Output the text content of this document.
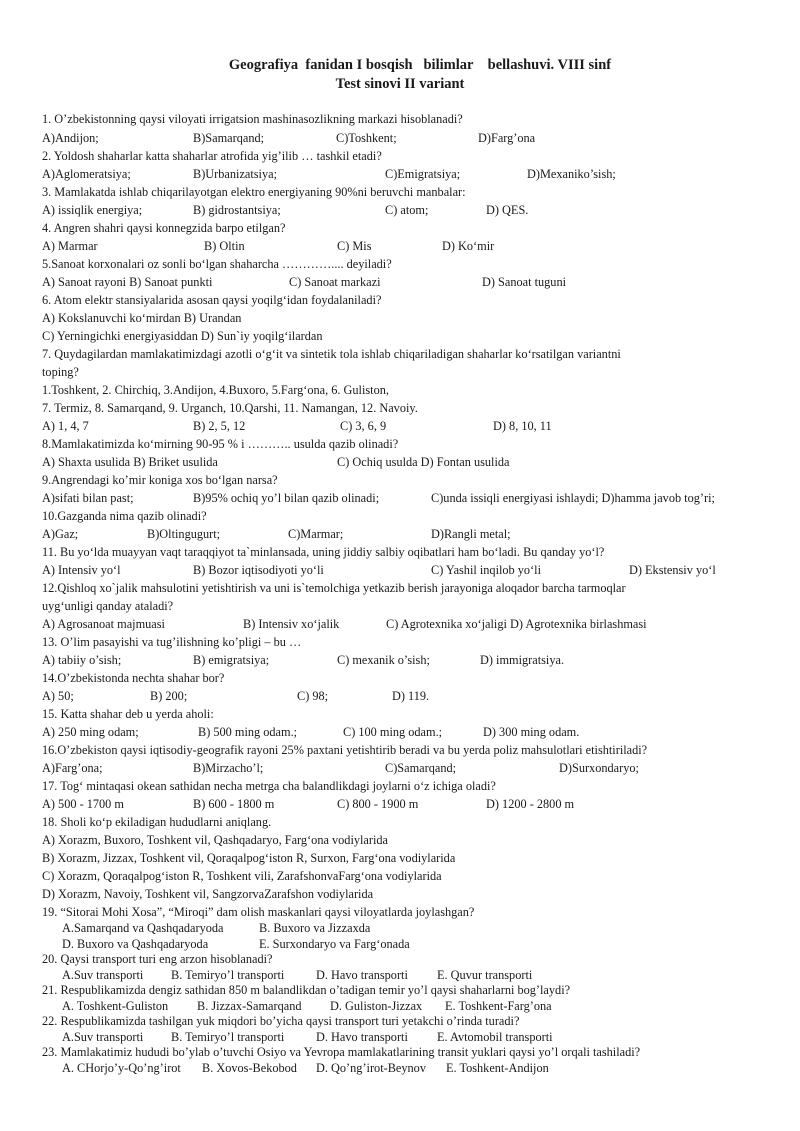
Geografiya  fanidan I bosqish   bilimlar    bellashuvi. VIII sinf
Test sinovi II variant
1. O’zbekistonning qaysi viloyati irrigatsion mashinasozlikning markazi hisoblanadi?
A)Andijon;	B)Samarqand;	C)Toshkent;	D)Farg’ona
2. Yoldosh shaharlar katta shaharlar atrofida yig’ilib … tashkil etadi?
A)Aglomeratsiya;	B)Urbanizatsiya;	C)Emigratsiya;	D)Mexaniko’sish;
3. Mamlakatda ishlab chiqarilayotgan elektro energiyaning 90%ni beruvchi manbalar:
A) issiqlik energiya;	B) gidrostantsiya;	C) atom;	D) QES.
4. Angren shahri qaysi konnegzida barpo etilgan?
A) Marmar	B) Oltin	C) Mis	D) Ko‘mir
5.Sanoat korxonalari oz sonli bo‘lgan shaharcha ………….... deyiladi?
A) Sanoat rayoni B) Sanoat punkti	C) Sanoat markazi	D) Sanoat tuguni
6. Atom elektr stansiyalarida asosan qaysi yoqilg‘idan foydalaniladi?
A) Kokslanuvchi ko‘mirdan B) Urandan
C) Yerningichki energiyasiddan D) Sun`iy yoqilg‘ilardan
7. Quydagilardan mamlakatimizdagi azotli o‘g‘it va sintetik tola ishlab chiqariladigan shaharlar ko‘rsatilgan variantni
toping?
1.Toshkent, 2. Chirchiq, 3.Andijon, 4.Buxoro, 5.Farg‘ona, 6. Guliston,
7. Termiz, 8. Samarqand, 9. Urganch, 10.Qarshi, 11. Namangan, 12. Navoiy.
A) 1, 4, 7	B) 2, 5, 12	C) 3, 6, 9	D) 8, 10, 11
8.Mamlakatimizda ko‘mirning 90-95 % i ……….. usulda qazib olinadi?
A) Shaxta usulida B) Briket usulida	C) Ochiq usulda D) Fontan usulida
9.Angrendagi ko’mir koniga xos bo‘lgan narsa?
A)sifati bilan past;	B)95% ochiq yo’l bilan qazib olinadi;	C)unda issiqli energiyasi ishlaydi; D)hamma javob tog’ri;
10.Gazganda nima qazib olinadi?
A)Gaz;	B)Oltingugurt;	C)Marmar;	D)Rangli metal;
11. Bu yo‘lda muayyan vaqt taraqqiyot ta`minlansada, uning jiddiy salbiy oqibatlari ham bo‘ladi. Bu qanday yo‘l?
A) Intensiv yo‘l	B) Bozor iqtisodiyoti yo‘li	C) Yashil inqilob yo‘li	D) Ekstensiv yo‘l
12.Qishloq xo`jalik mahsulotini yetishtirish va uni is`temolchiga yetkazib berish jarayoniga aloqador barcha tarmoqlar
uyg‘unligi qanday ataladi?
A) Agrosanoat majmuasi	B) Intensiv xo‘jalik	C) Agrotexnika xo‘jaligi D) Agrotexnika birlashmasi
13. O’lim pasayishi va tug’ilishning ko’pligi – bu …
A) tabiiy o’sish;	B) emigratsiya;	C) mexanik o’sish;	D) immigratsiya.
14.O’zbekistonda nechta shahar bor?
A) 50;	B) 200;	C) 98;	D) 119.
15. Katta shahar deb u yerda aholi:
A) 250 ming odam;	B) 500 ming odam.;	C) 100 ming odam.;	D) 300 ming odam.
16.O’zbekiston qaysi iqtisodiy-geografik rayoni 25% paxtani yetishtirib beradi va bu yerda poliz mahsulotlari etishtiriladi?
A)Farg’ona;	B)Mirzacho’l;	C)Samarqand;	D)Surxondaryo;
17. Tog‘ mintaqasi okean sathidan necha metrga cha balandlikdagi joylarni o‘z ichiga oladi?
A) 500 - 1700 m	B) 600 - 1800 m	C) 800 - 1900 m	D) 1200 - 2800 m
18. Sholi ko‘p ekiladigan hududlarni aniqlang.
A) Xorazm, Buxoro, Toshkent vil, Qashqadaryo, Farg‘ona vodiylarida
B) Xorazm, Jizzax, Toshkent vil, Qoraqalpog‘iston R, Surxon, Farg‘ona vodiylarida
C) Xorazm, Qoraqalpog‘iston R, Toshkent vili, ZarafshonvaFarg‘ona vodiylarida
D) Xorazm, Navoiy, Toshkent vil, SangzorvaZarafshon vodiylarida
19. “Sitorai Mohi Xosa”, “Miroqi” dam olish maskanlari qaysi viloyatlarda joylashgan?
A.Samarqand va Qashqadaryoda	B. Buxoro va Jizzaxda
D. Buxoro va Qashqadaryoda	E. Surxondaryo va Farg‘onada
20. Qaysi transport turi eng arzon hisoblanadi?
A.Suv transporti B. Temiryo’l transporti	D. Havo transporti E. Quvur transporti
21. Respublikamizda dengiz sathidan 850 m balandlikdan o’tadigan temir yo’l qaysi shaharlarni bog’laydi?
A. Toshkent-Guliston B. Jizzax-Samarqand D. Guliston-Jizzax E. Toshkent-Farg’ona
22. Respublikamizda tashilgan yuk miqdori bo’yicha qaysi transport turi yetakchi o’rinda turadi?
A.Suv transporti B. Temiryo’l transporti	D. Havo transporti E. Avtomobil transporti
23. Mamlakatimiz hududi bo’ylab o’tuvchi Osiyo va Yevropa mamlakatlarining transit yuklari qaysi yo’l orqali tashiladi?
A. CHorjo’y-Qo’ng’irot B. Xovos-Bekobod D. Qo’ng’irot-Beynov E. Toshkent-Andijon
